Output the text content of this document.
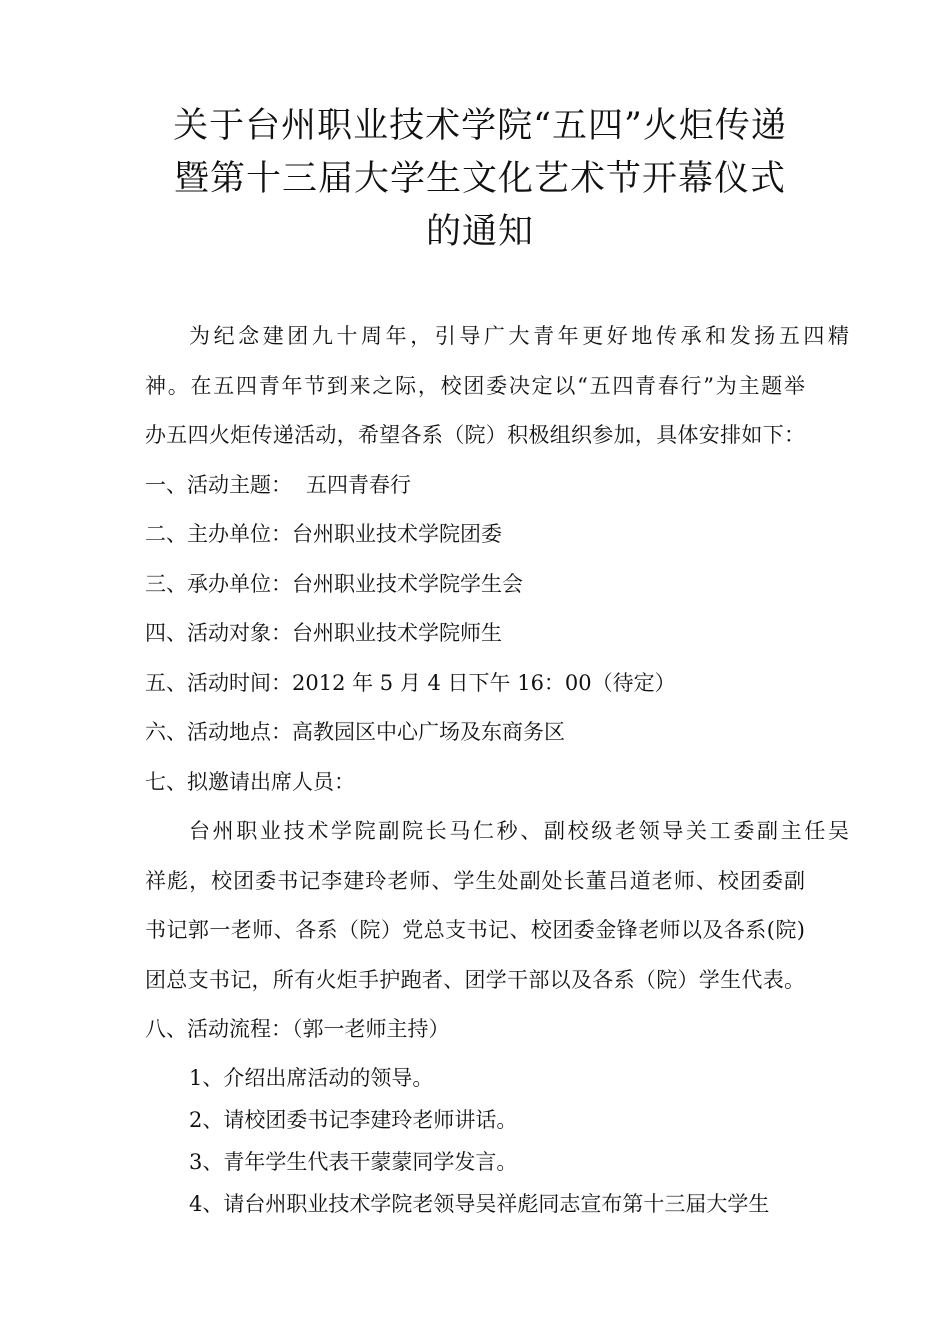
关于台州职业技术学院“五四”火炬传递
暨第十三届大学生文化艺术节开幕仪式
的通知
为纪念建团九十周年，引导广大青年更好地传承和发扬五四精
神。在五四青年节到来之际，校团委决定以“五四青春行”为主题举
办五四火炬传递活动，希望各系（院）积极组织参加，具体安排如下：
一、活动主题： 五四青春行
二、主办单位：台州职业技术学院团委
三、承办单位：台州职业技术学院学生会
四、活动对象：台州职业技术学院师生
五、活动时间：2012 年 5 月 4 日下午 16：00（待定）
六、活动地点：高教园区中心广场及东商务区
七、拟邀请出席人员：
台州职业技术学院副院长马仁秒、副校级老领导关工委副主任吴
祥彪，校团委书记李建玲老师、学生处副处长董吕道老师、校团委副
书记郭一老师、各系（院）党总支书记、校团委金锋老师以及各系(院)
团总支书记，所有火炬手护跑者、团学干部以及各系（院）学生代表。
八、活动流程：（郭一老师主持）
1、介绍出席活动的领导。
2、请校团委书记李建玲老师讲话。
3、青年学生代表干蒙蒙同学发言。
4、请台州职业技术学院老领导吴祥彪同志宣布第十三届大学生
